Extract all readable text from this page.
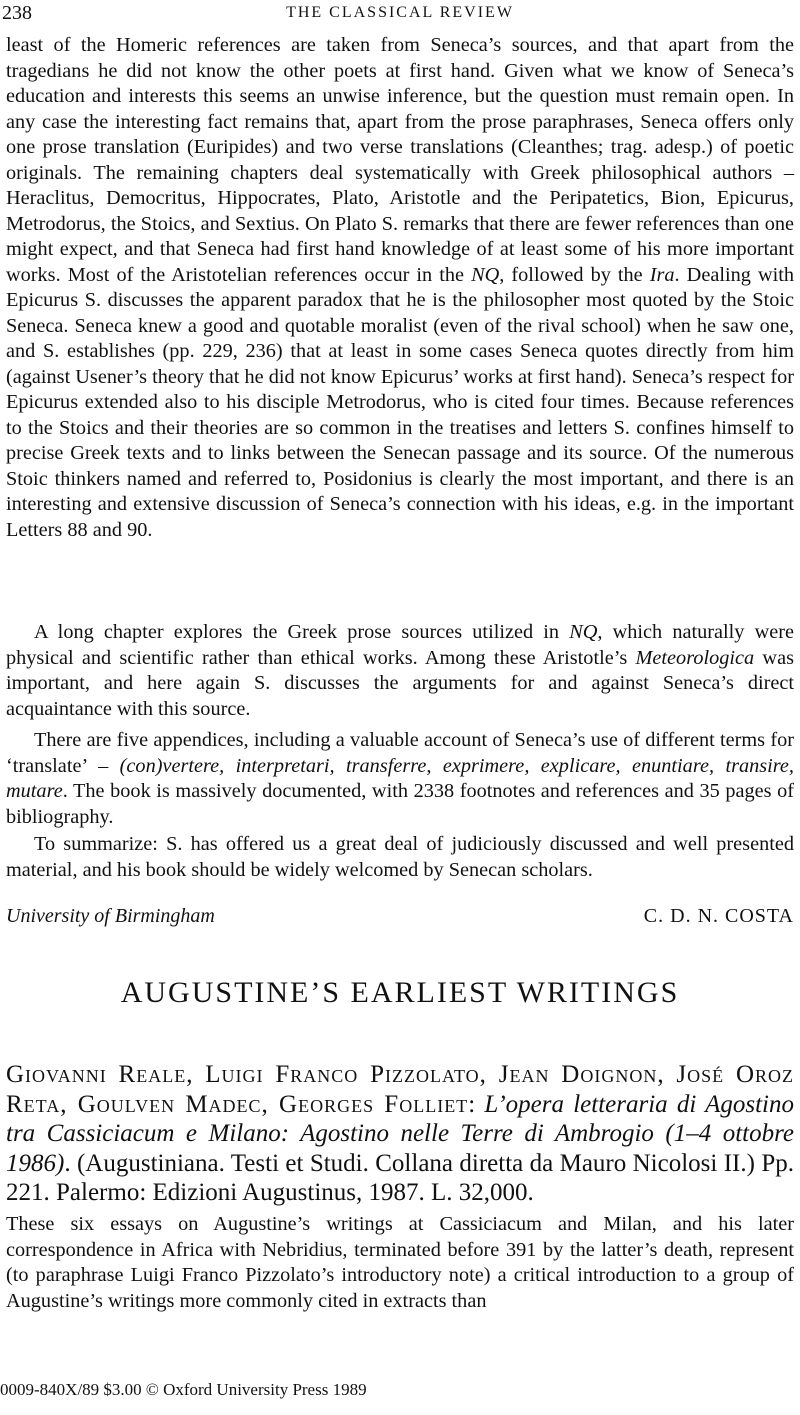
238	THE CLASSICAL REVIEW

least of the Homeric references are taken from Seneca’s sources, and that apart from the tragedians he did not know the other poets at first hand. Given what we know of Seneca’s education and interests this seems an unwise inference, but the question must remain open. In any case the interesting fact remains that, apart from the prose paraphrases, Seneca offers only one prose translation (Euripides) and two verse translations (Cleanthes; trag. adesp.) of poetic originals. The remaining chapters deal systematically with Greek philosophical authors – Heraclitus, Democritus, Hippocrates, Plato, Aristotle and the Peripatetics, Bion, Epicurus, Metrodorus, the Stoics, and Sextius. On Plato S. remarks that there are fewer references than one might expect, and that Seneca had first hand knowledge of at least some of his more important works. Most of the Aristotelian references occur in the NQ, followed by the Ira. Dealing with Epicurus S. discusses the apparent paradox that he is the philosopher most quoted by the Stoic Seneca. Seneca knew a good and quotable moralist (even of the rival school) when he saw one, and S. establishes (pp. 229, 236) that at least in some cases Seneca quotes directly from him (against Usener’s theory that he did not know Epicurus’ works at first hand). Seneca’s respect for Epicurus extended also to his disciple Metrodorus, who is cited four times. Because references to the Stoics and their theories are so common in the treatises and letters S. confines himself to precise Greek texts and to links between the Senecan passage and its source. Of the numerous Stoic thinkers named and referred to, Posidonius is clearly the most important, and there is an interesting and extensive discussion of Seneca’s connection with his ideas, e.g. in the important Letters 88 and 90.

A long chapter explores the Greek prose sources utilized in NQ, which naturally were physical and scientific rather than ethical works. Among these Aristotle’s Meteorologica was important, and here again S. discusses the arguments for and against Seneca’s direct acquaintance with this source.

There are five appendices, including a valuable account of Seneca’s use of different terms for ‘translate’ – (con)vertere, interpretari, transferre, exprimere, explicare, enuntiare, transire, mutare. The book is massively documented, with 2338 footnotes and references and 35 pages of bibliography.

To summarize: S. has offered us a great deal of judiciously discussed and well presented material, and his book should be widely welcomed by Senecan scholars.

University of Birmingham	C. D. N. COSTA
AUGUSTINE’S EARLIEST WRITINGS

Giovanni Reale, Luigi Franco Pizzolato, Jean Doignon, José Oroz Reta, Goulven Madec, Georges Folliet: L’opera letteraria di Agostino tra Cassiciacum e Milano: Agostino nelle Terre di Ambrogio (1–4 ottobre 1986). (Augustiniana. Testi et Studi. Collana diretta da Mauro Nicolosi II.) Pp. 221. Palermo: Edizioni Augustinus, 1987. L. 32,000.

These six essays on Augustine’s writings at Cassiciacum and Milan, and his later correspondence in Africa with Nebridius, terminated before 391 by the latter’s death, represent (to paraphrase Luigi Franco Pizzolato’s introductory note) a critical introduction to a group of Augustine’s writings more commonly cited in extracts than

0009-840X/89 $3.00 © Oxford University Press 1989
